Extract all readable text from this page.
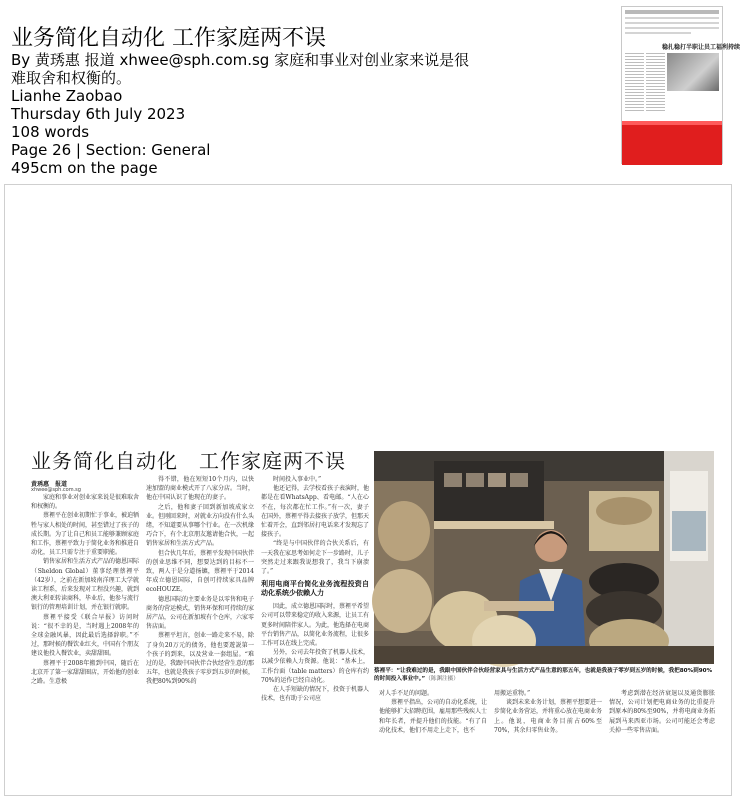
业务简化自动化 工作家庭两不误
By 黄琇惠 报道 xhwee@sph.com.sg 家庭和事业对创业家来说是很难取舍和权衡的。
Lianhe Zaobao
Thursday 6th July 2023
108 words
Page 26 | Section: General
495cm on the page
稳扎稳打半职让员工福利持续
业务简化自动化　工作家庭两不误
黄琇惠　报道
xhwee@sph.com.sg

家庭和事业对创业家来说是很难取舍和权衡的。

蔡裡平在创业初期忙于事业，被迫牺牲与家人相处的时间，甚至错过了孩子的成长期。为了让自己和员工能够兼顾家庭和工作，蔡裡平致力于简化业务和推进自动化，员工只需专注于重要职能。

销售家居和生活方式产品的德恩国际（Sheldon Global）董事经理蔡裡平（42岁），之前在新加坡南洋理工大学就读工程系，后来发现对工程没兴趣，就到澳大利亚转读商科，毕业后，他参与流行银行的管理培训计划，并在银行就职。

蔡裡平接受《联合早报》访问时说：“很不幸的是，当时遇上2008年的全球金融风暴，因此最后选择辞职。”不过，那时候的餐饮业红火，中国有个朋友建议他投入餐饮业，卖甜甜圈。

蔡裡平于2008年搬到中国，随后在北京开了第一家甜甜圈店，开始他的创业之路。生意极

得不错，他在短短10个月内，以快速加盟的商业模式开了八家分店。当时，他在中国认识了他现在的妻子。

之后，他和妻子回到新加坡成家立业。但刚回来时，对就业方向没有什么头绪，不知道要从事哪个行业。在一次机缘巧合下，有个北京朋友邀请他合伙，一起销售家居和生活方式产品。

但合伙几年后，蔡裡平发现中国伙伴的创业思维不同，想要达到的目标不一致，两人于是分道扬镳，蔡裡平于2014年成立德恩国际，自创可持续家具品牌ecoHOUZE。

德恩国际的主要业务是以零售和电子商务的营运模式，销售环保和可持续的家居产品，公司在新加坡有个仓库，六家零售店面。

蔡裡平坦言，创业一路走来不易，除了身负20万元的债务，他也要遊説第一个孩子的到来，以及营业一套组屋。“难过的是，我跟中国伙伴合伙经营生意的那五年，也就是我孩子零岁到五岁的时候，我把80%到90%的

时间投入事业中。”

他还记得，去学校看孩子表演时，他都是在看WhatsApp、看电邮。“人在心不在，每次都在忙工作。”有一次，妻子在国外，蔡裡平得去接孩子放学，但那天忙着开会，直到邻居打电话来才发现忘了接孩子。

“终是与中国伙伴的合伙关系后，有一天我在家思考如何走下一步路时，儿子突然走过来跟我说想我了，我当下崩溃了。”

利用电商平台简化业务流程投资自动化系统少依赖人力

因此，成立德恩国际时，蔡裡平希望公司可以带来稳定的收入来源，让员工有更多时间陪伴家人。为此，他选择在电商平台销售产品，以简化业务流程，让很多工作可以在线上完成。

另外，公司去年投资了机器人技术，以减少依赖人力资源。他说：“基本上，工作台面（table matters）的仓库有约70%的运作已经自动化。

在人手短缺的情况下，投资于机器人技术，也有助于公司应

蔡裡平：“让我难过的是，我跟中国伙伴合伙经营家具与生活方式产品生意的那五年，也就是我孩子零岁到五岁的时候，我把80%到90%的时间投入事业中。”（陈渊注摄）

对人手不足的问题。

蔡裡平指出，公司的自动化系统，让他能够扩大招聘范围，雇用那些残疾人士和年长者，并提升他们的技能。“有了自动化技术，他们不用走上走下，也不

用搬运重物。”

谈到未来业务计划，蔡裡平想要进一步简化业务营运，并将重心放在电商业务上。他说，电商业务目前占60%至70%，其余归零售业务。

考虑到潜在经济衰退以及通货膨胀情况，公司计划把电商业务的比重提升到原本的80%至90%，并将电商业务拓展到马来西亚市场。公司可能还会考虑关掉一些零售店面。
